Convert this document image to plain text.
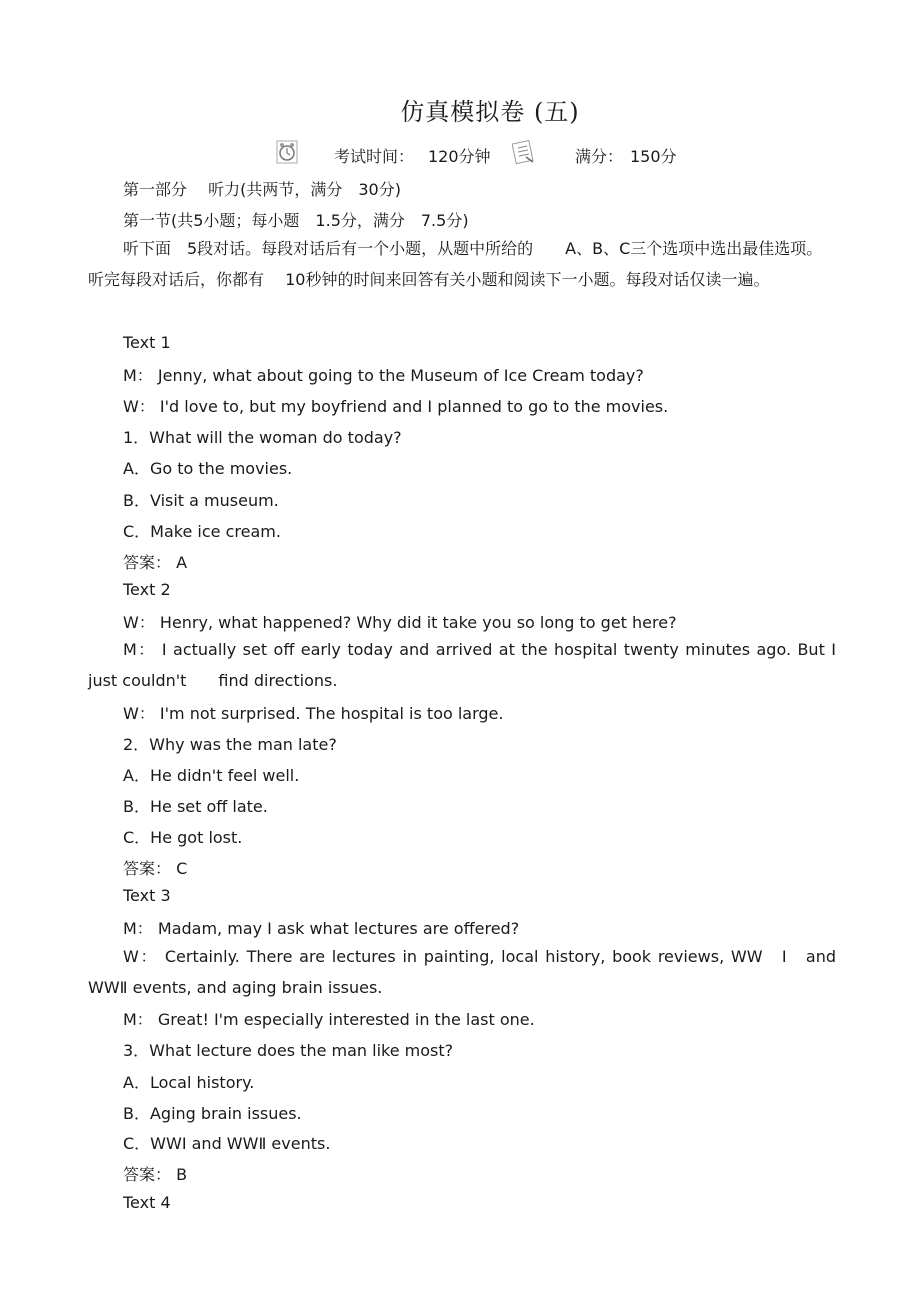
仿真模拟卷 (五)
考试时间： 120分钟	满分： 150分
第一部分　 听力(共两节，满分　30分)
第一节(共5小题；每小题　1.5分，满分　7.5分)
听下面　5段对话。每段对话后有一个小题，从题中所给的　　A、B、C三个选项中选出最佳选项。听完每段对话后，你都有　 10秒钟的时间来回答有关小题和阅读下一小题。每段对话仅读一遍。
Text 1
M： Jenny, what about going to the Museum of Ice Cream today?
W： I'd love to, but my boyfriend and I planned to go to the movies.
1．What will the woman do today?
A．Go to the movies.
B．Visit a museum.
C．Make ice cream.
答案： A
Text 2
W： Henry, what happened? Why did it take you so long to get here?
M： I actually set off early today and arrived at the hospital twenty minutes ago. But I just couldn't　　find directions.
W： I'm not surprised. The hospital is too large.
2．Why was the man late?
A．He didn't feel well.
B．He set off late.
C．He got lost.
答案： C
Text 3
M： Madam, may I ask what lectures are offered?
W： Certainly. There are lectures in painting, local history, book reviews, WW　Ⅰ　and WWⅡ events, and aging brain issues.
M： Great! I'm especially interested in the last one.
3．What lecture does the man like most?
A．Local history.
B．Aging brain issues.
C．WWⅠ and WWⅡ events.
答案： B
Text 4
